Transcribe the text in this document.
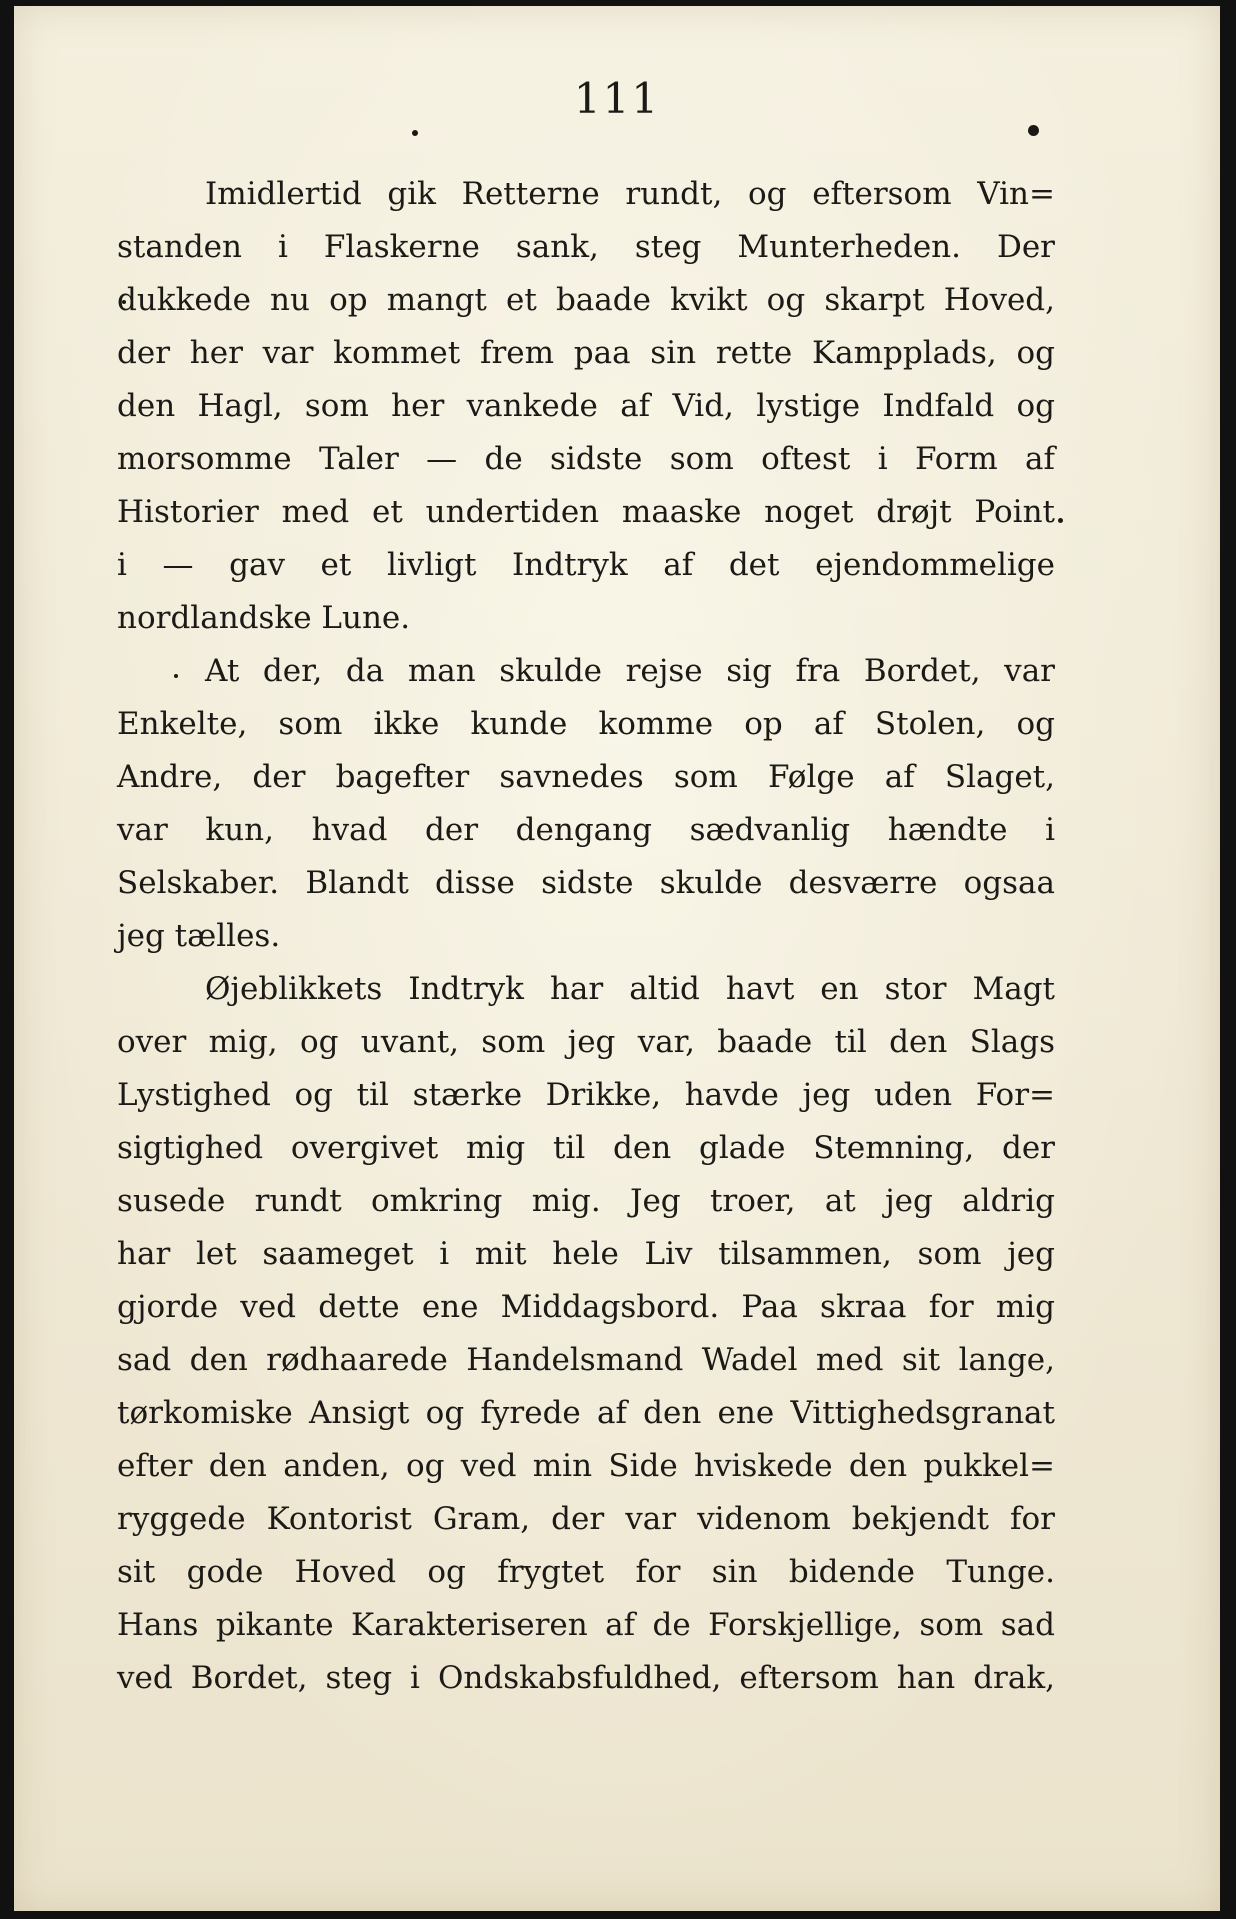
111
Imidlertid gik Retterne rundt, og eftersom Vin=
standen i Flaskerne sank, steg Munterheden. Der
dukkede nu op mangt et baade kvikt og skarpt Hoved,
der her var kommet frem paa sin rette Kampplads, og
den Hagl, som her vankede af Vid, lystige Indfald og
morsomme Taler — de sidste som oftest i Form af
Historier med et undertiden maaske noget drøjt Point
i — gav et livligt Indtryk af det ejendommelige
nordlandske Lune.
At der, da man skulde rejse sig fra Bordet, var
Enkelte, som ikke kunde komme op af Stolen, og
Andre, der bagefter savnedes som Følge af Slaget,
var kun, hvad der dengang sædvanlig hændte i
Selskaber. Blandt disse sidste skulde desværre ogsaa
jeg tælles.
Øjeblikkets Indtryk har altid havt en stor Magt
over mig, og uvant, som jeg var, baade til den Slags
Lystighed og til stærke Drikke, havde jeg uden For=
sigtighed overgivet mig til den glade Stemning, der
susede rundt omkring mig. Jeg troer, at jeg aldrig
har let saameget i mit hele Liv tilsammen, som jeg
gjorde ved dette ene Middagsbord. Paa skraa for mig
sad den rødhaarede Handelsmand Wadel med sit lange,
tørkomiske Ansigt og fyrede af den ene Vittighedsgranat
efter den anden, og ved min Side hviskede den pukkel=
ryggede Kontorist Gram, der var videnom bekjendt for
sit gode Hoved og frygtet for sin bidende Tunge.
Hans pikante Karakteriseren af de Forskjellige, som sad
ved Bordet, steg i Ondskabsfuldhed, eftersom han drak,
